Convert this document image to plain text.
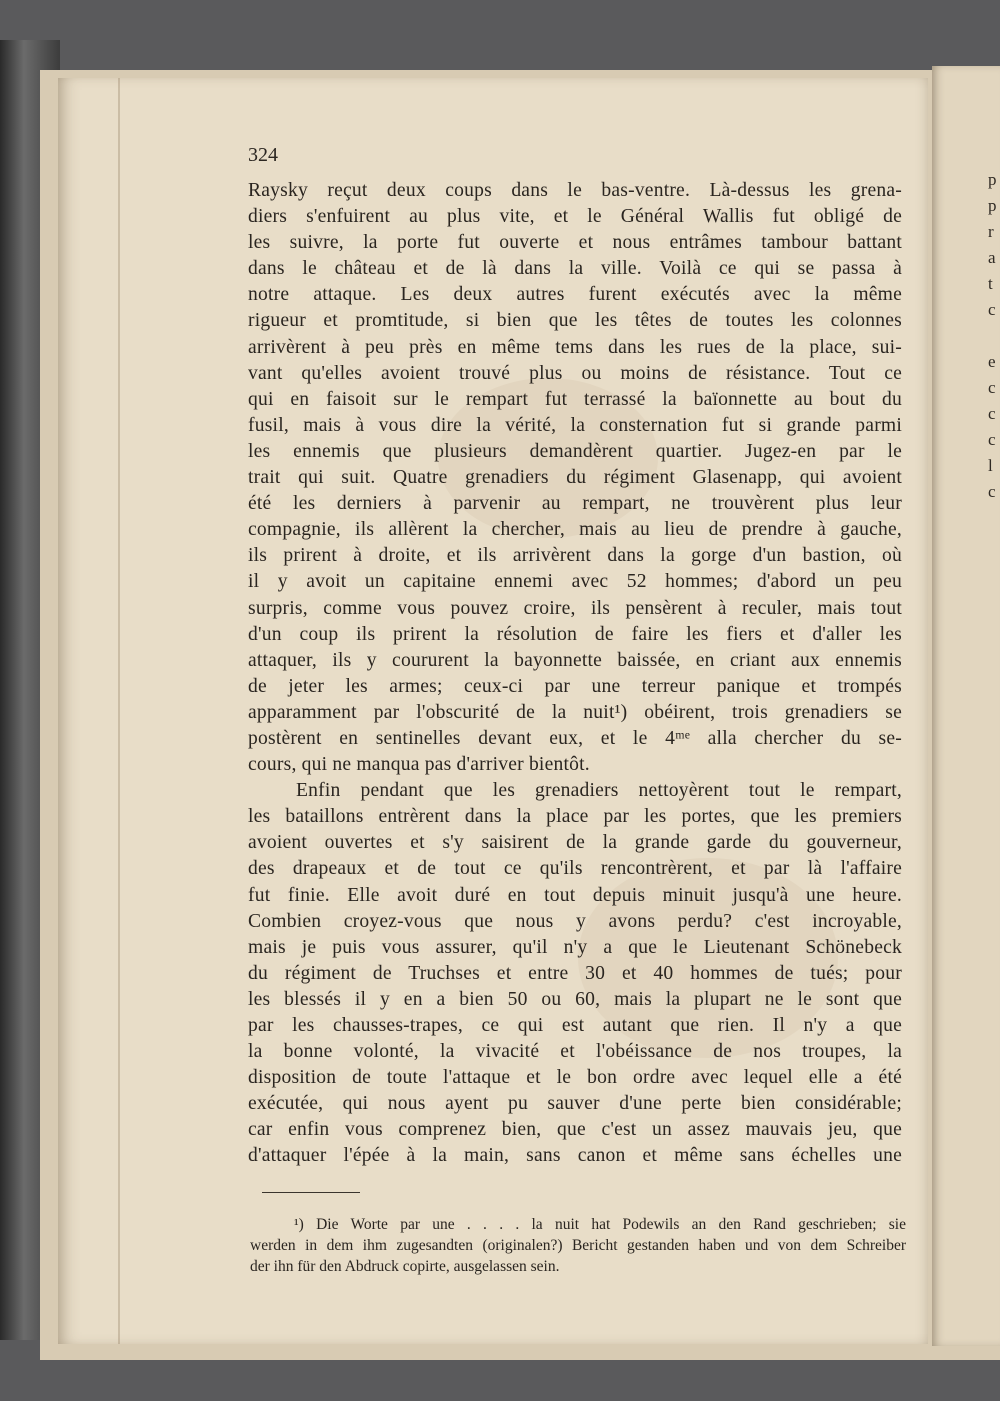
p
p
r
a
t
c
e
c
c
c
l
c
324
Raysky reçut deux coups dans le bas-ventre. Là-dessus les grena-
diers s'enfuirent au plus vite, et le Général Wallis fut obligé de
les suivre, la porte fut ouverte et nous entrâmes tambour battant
dans le château et de là dans la ville. Voilà ce qui se passa à
notre attaque. Les deux autres furent exécutés avec la même
rigueur et promtitude, si bien que les têtes de toutes les colonnes
arrivèrent à peu près en même tems dans les rues de la place, sui-
vant qu'elles avoient trouvé plus ou moins de résistance. Tout ce
qui en faisoit sur le rempart fut terrassé la baïonnette au bout du
fusil, mais à vous dire la vérité, la consternation fut si grande parmi
les ennemis que plusieurs demandèrent quartier. Jugez-en par le
trait qui suit. Quatre grenadiers du régiment Glasenapp, qui avoient
été les derniers à parvenir au rempart, ne trouvèrent plus leur
compagnie, ils allèrent la chercher, mais au lieu de prendre à gauche,
ils prirent à droite, et ils arrivèrent dans la gorge d'un bastion, où
il y avoit un capitaine ennemi avec 52 hommes; d'abord un peu
surpris, comme vous pouvez croire, ils pensèrent à reculer, mais tout
d'un coup ils prirent la résolution de faire les fiers et d'aller les
attaquer, ils y coururent la bayonnette baissée, en criant aux ennemis
de jeter les armes; ceux-ci par une terreur panique et trompés
apparamment par l'obscurité de la nuit¹) obéirent, trois grenadiers se
postèrent en sentinelles devant eux, et le 4ᵐᵉ alla chercher du se-
cours, qui ne manqua pas d'arriver bientôt.
Enfin pendant que les grenadiers nettoyèrent tout le rempart,
les bataillons entrèrent dans la place par les portes, que les premiers
avoient ouvertes et s'y saisirent de la grande garde du gouverneur,
des drapeaux et de tout ce qu'ils rencontrèrent, et par là l'affaire
fut finie. Elle avoit duré en tout depuis minuit jusqu'à une heure.
Combien croyez-vous que nous y avons perdu? c'est incroyable,
mais je puis vous assurer, qu'il n'y a que le Lieutenant Schönebeck
du régiment de Truchses et entre 30 et 40 hommes de tués; pour
les blessés il y en a bien 50 ou 60, mais la plupart ne le sont que
par les chausses-trapes, ce qui est autant que rien. Il n'y a que
la bonne volonté, la vivacité et l'obéissance de nos troupes, la
disposition de toute l'attaque et le bon ordre avec lequel elle a été
exécutée, qui nous ayent pu sauver d'une perte bien considérable;
car enfin vous comprenez bien, que c'est un assez mauvais jeu, que
d'attaquer l'épée à la main, sans canon et même sans échelles une
¹) Die Worte par une . . . . la nuit hat Podewils an den Rand geschrieben; sie
werden in dem ihm zugesandten (originalen?) Bericht gestanden haben und von dem Schreiber
der ihn für den Abdruck copirte, ausgelassen sein.
